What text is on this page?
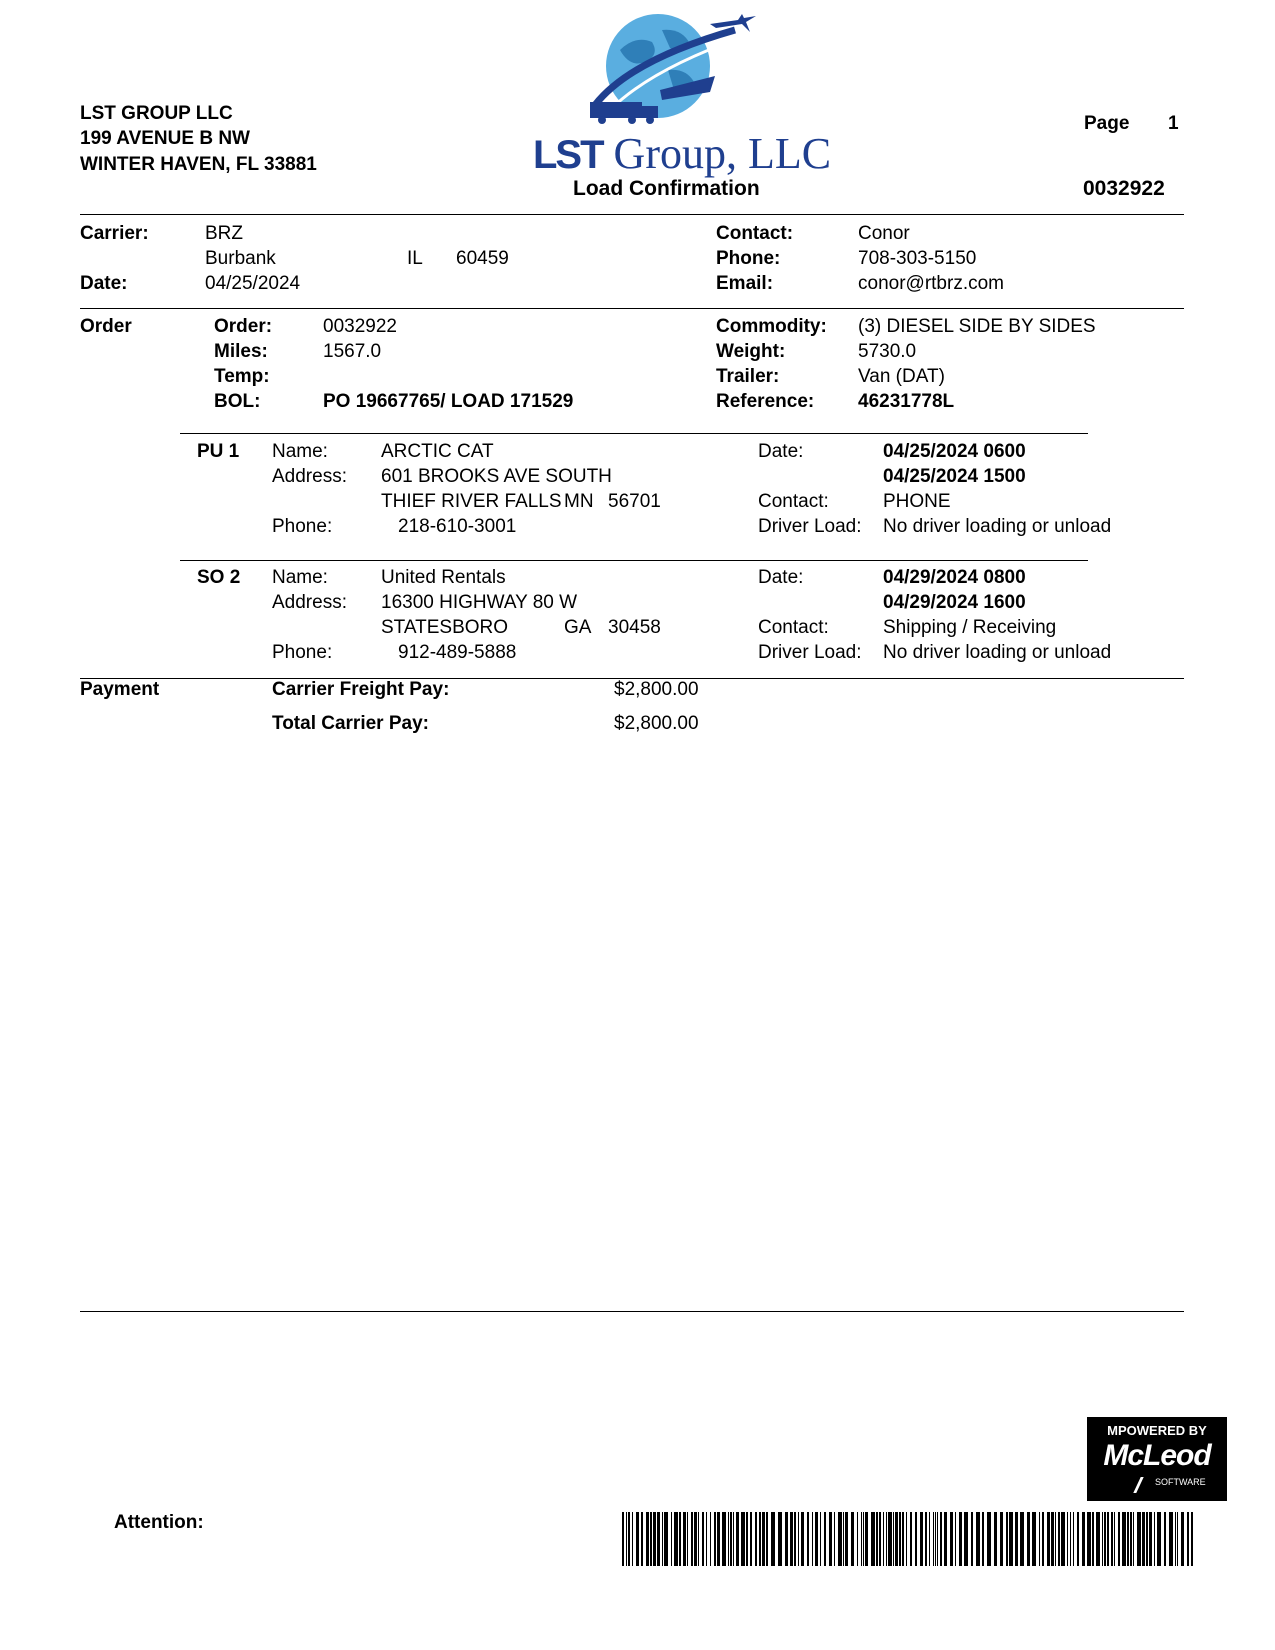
LST GROUP LLC
199 AVENUE B NW
WINTER HAVEN, FL 33881	LST Group, LLC
Page 1
Load Confirmation	0032922
Carrier:	BRZ
Burbank	IL 60459
Date:	04/25/2024
Contact:	Conor
Phone:	708-303-5150
Email:	conor@rtbrz.com
Order	Order:	0032922
Miles:	1567.0
Temp:
BOL:	PO 19667765/ LOAD 171529
Commodity: (3) DIESEL SIDE BY SIDES
Weight:	5730.0
Trailer:	Van (DAT)
Reference: 46231778L
PU 1 Name:	ARCTIC CAT
Address: 601 BROOKS AVE SOUTH
THIEF RIVER FALLS MN 56701
Phone:	218-610-3001
Date:	04/25/2024 0600
04/25/2024 1500
Contact:	PHONE
Driver Load: No driver loading or unload
SO 2 Name:	United Rentals
Address: 16300 HIGHWAY 80 W
STATESBORO	GA 30458
Phone:	912-489-5888
Date:	04/29/2024 0800
04/29/2024 1600
Contact:	Shipping / Receiving
Driver Load: No driver loading or unload
Payment	Carrier Freight Pay:	$2,800.00
Total Carrier Pay:	$2,800.00
MPOWERED BY
McLeod
SOFTWARE
Attention:
